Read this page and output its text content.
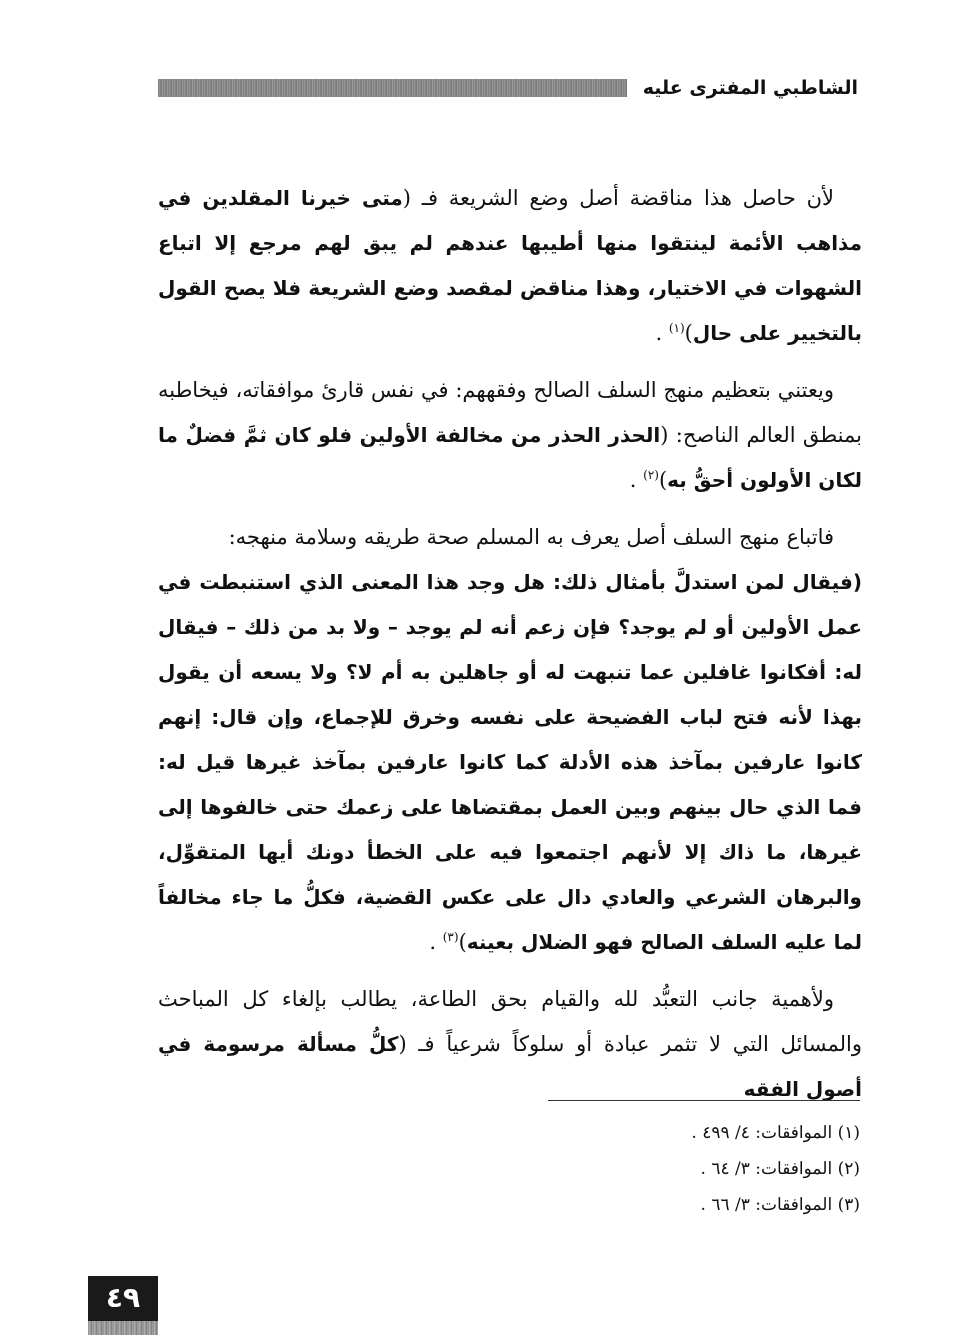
الشاطبي المفترى عليه

لأن حاصل هذا مناقضة أصل وضع الشريعة فـ (متى خيرنا المقلدين في مذاهب الأئمة لينتقوا منها أطيبها عندهم لم يبق لهم مرجع إلا اتباع الشهوات في الاختيار، وهذا مناقض لمقصد وضع الشريعة فلا يصح القول بالتخيير على حال)$^{(١)}$ .

ويعتني بتعظيم منهج السلف الصالح وفقههم: في نفس قارئ موافقاته، فيخاطبه بمنطق العالم الناصح: (الحذر الحذر من مخالفة الأولين فلو كان ثمَّ فضلٌ ما لكان الأولون أحقُّ به)$^{(٢)}$ .

فاتباع منهج السلف أصل يعرف به المسلم صحة طريقه وسلامة منهجه:
(فيقال لمن استدلَّ بأمثال ذلك: هل وجد هذا المعنى الذي استنبطت في عمل الأولين أو لم يوجد؟ فإن زعم أنه لم يوجد – ولا بد من ذلك – فيقال له: أفكانوا غافلين عما تنبهت له أو جاهلين به أم لا؟ ولا يسعه أن يقول بهذا لأنه فتح لباب الفضيحة على نفسه وخرق للإجماع، وإن قال: إنهم كانوا عارفين بمآخذ هذه الأدلة كما كانوا عارفين بمآخذ غيرها قيل له: فما الذي حال بينهم وبين العمل بمقتضاها على زعمك حتى خالفوها إلى غيرها، ما ذاك إلا لأنهم اجتمعوا فيه على الخطأ دونك أيها المتقوِّل، والبرهان الشرعي والعادي دال على عكس القضية، فكلُّ ما جاء مخالفاً لما عليه السلف الصالح فهو الضلال بعينه)$^{(٣)}$ .

ولأهمية جانب التعبُّد لله والقيام بحق الطاعة، يطالب بإلغاء كل المباحث والمسائل التي لا تثمر عبادة أو سلوكاً شرعياً فـ (كلُّ مسألة مرسومة في أصول الفقه

(١) الموافقات: ٤/ ٤٩٩ .
(٢) الموافقات: ٣/ ٦٤ .
(٣) الموافقات: ٣/ ٦٦ .
٤٩
